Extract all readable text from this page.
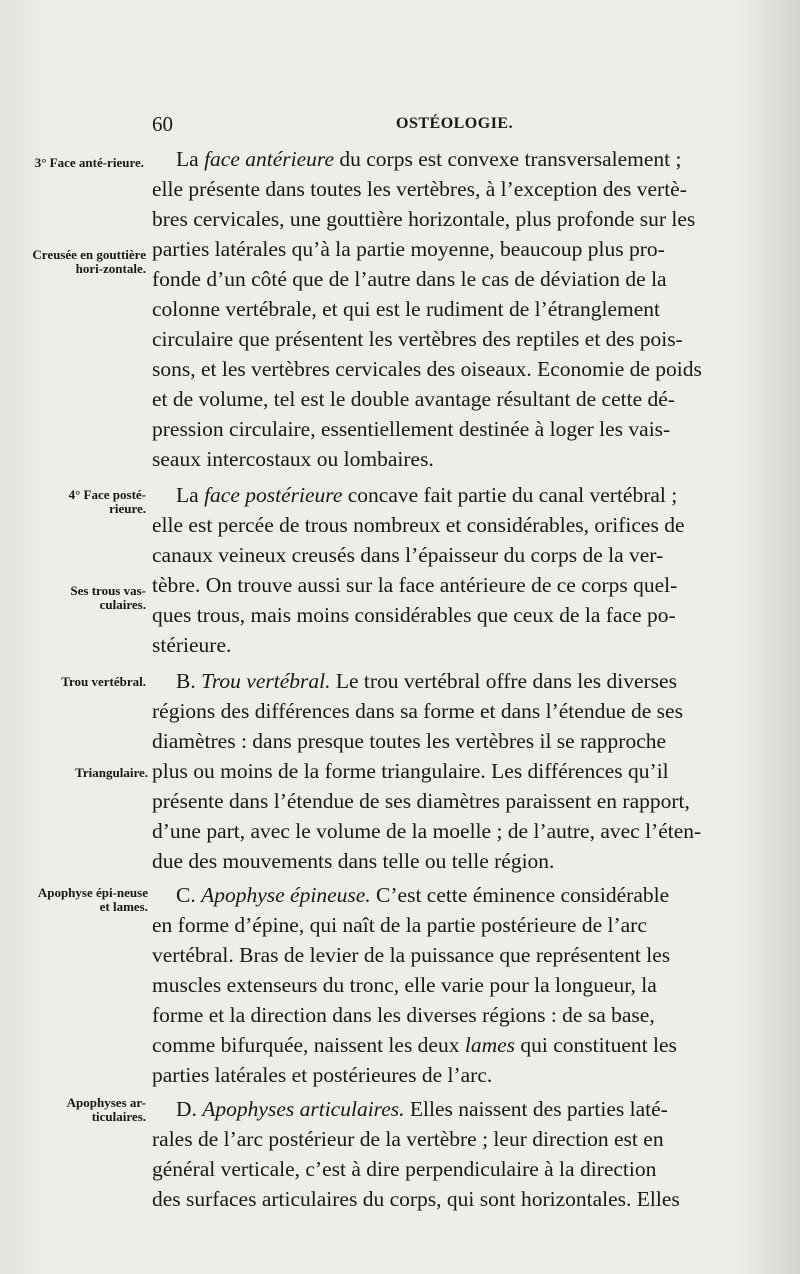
60	OSTÉOLOGIE.
3° Face anté-rieure.
Creusée en gouttière hori-zontale.
4° Face posté-rieure.
Ses trous vas-culaires.
Trou vertébral.
Triangulaire.
Apophyse épi-neuse et lames.
Apophyses ar-ticulaires.
La face antérieure du corps est convexe transversalement ;
elle présente dans toutes les vertèbres, à l’exception des vertè-
bres cervicales, une gouttière horizontale, plus profonde sur les
parties latérales qu’à la partie moyenne, beaucoup plus pro-
fonde d’un côté que de l’autre dans le cas de déviation de la
colonne vertébrale, et qui est le rudiment de l’étranglement
circulaire que présentent les vertèbres des reptiles et des pois-
sons, et les vertèbres cervicales des oiseaux. Economie de poids
et de volume, tel est le double avantage résultant de cette dé-
pression circulaire, essentiellement destinée à loger les vais-
seaux intercostaux ou lombaires.
La face postérieure concave fait partie du canal vertébral ;
elle est percée de trous nombreux et considérables, orifices de
canaux veineux creusés dans l’épaisseur du corps de la ver-
tèbre. On trouve aussi sur la face antérieure de ce corps quel-
ques trous, mais moins considérables que ceux de la face po-
stérieure.
B. Trou vertébral. Le trou vertébral offre dans les diverses
régions des différences dans sa forme et dans l’étendue de ses
diamètres : dans presque toutes les vertèbres il se rapproche
plus ou moins de la forme triangulaire. Les différences qu’il
présente dans l’étendue de ses diamètres paraissent en rapport,
d’une part, avec le volume de la moelle ; de l’autre, avec l’éten-
due des mouvements dans telle ou telle région.
C. Apophyse épineuse. C’est cette éminence considérable
en forme d’épine, qui naît de la partie postérieure de l’arc
vertébral. Bras de levier de la puissance que représentent les
muscles extenseurs du tronc, elle varie pour la longueur, la
forme et la direction dans les diverses régions : de sa base,
comme bifurquée, naissent les deux lames qui constituent les
parties latérales et postérieures de l’arc.
D. Apophyses articulaires. Elles naissent des parties laté-
rales de l’arc postérieur de la vertèbre ; leur direction est en
général verticale, c’est à dire perpendiculaire à la direction
des surfaces articulaires du corps, qui sont horizontales. Elles
